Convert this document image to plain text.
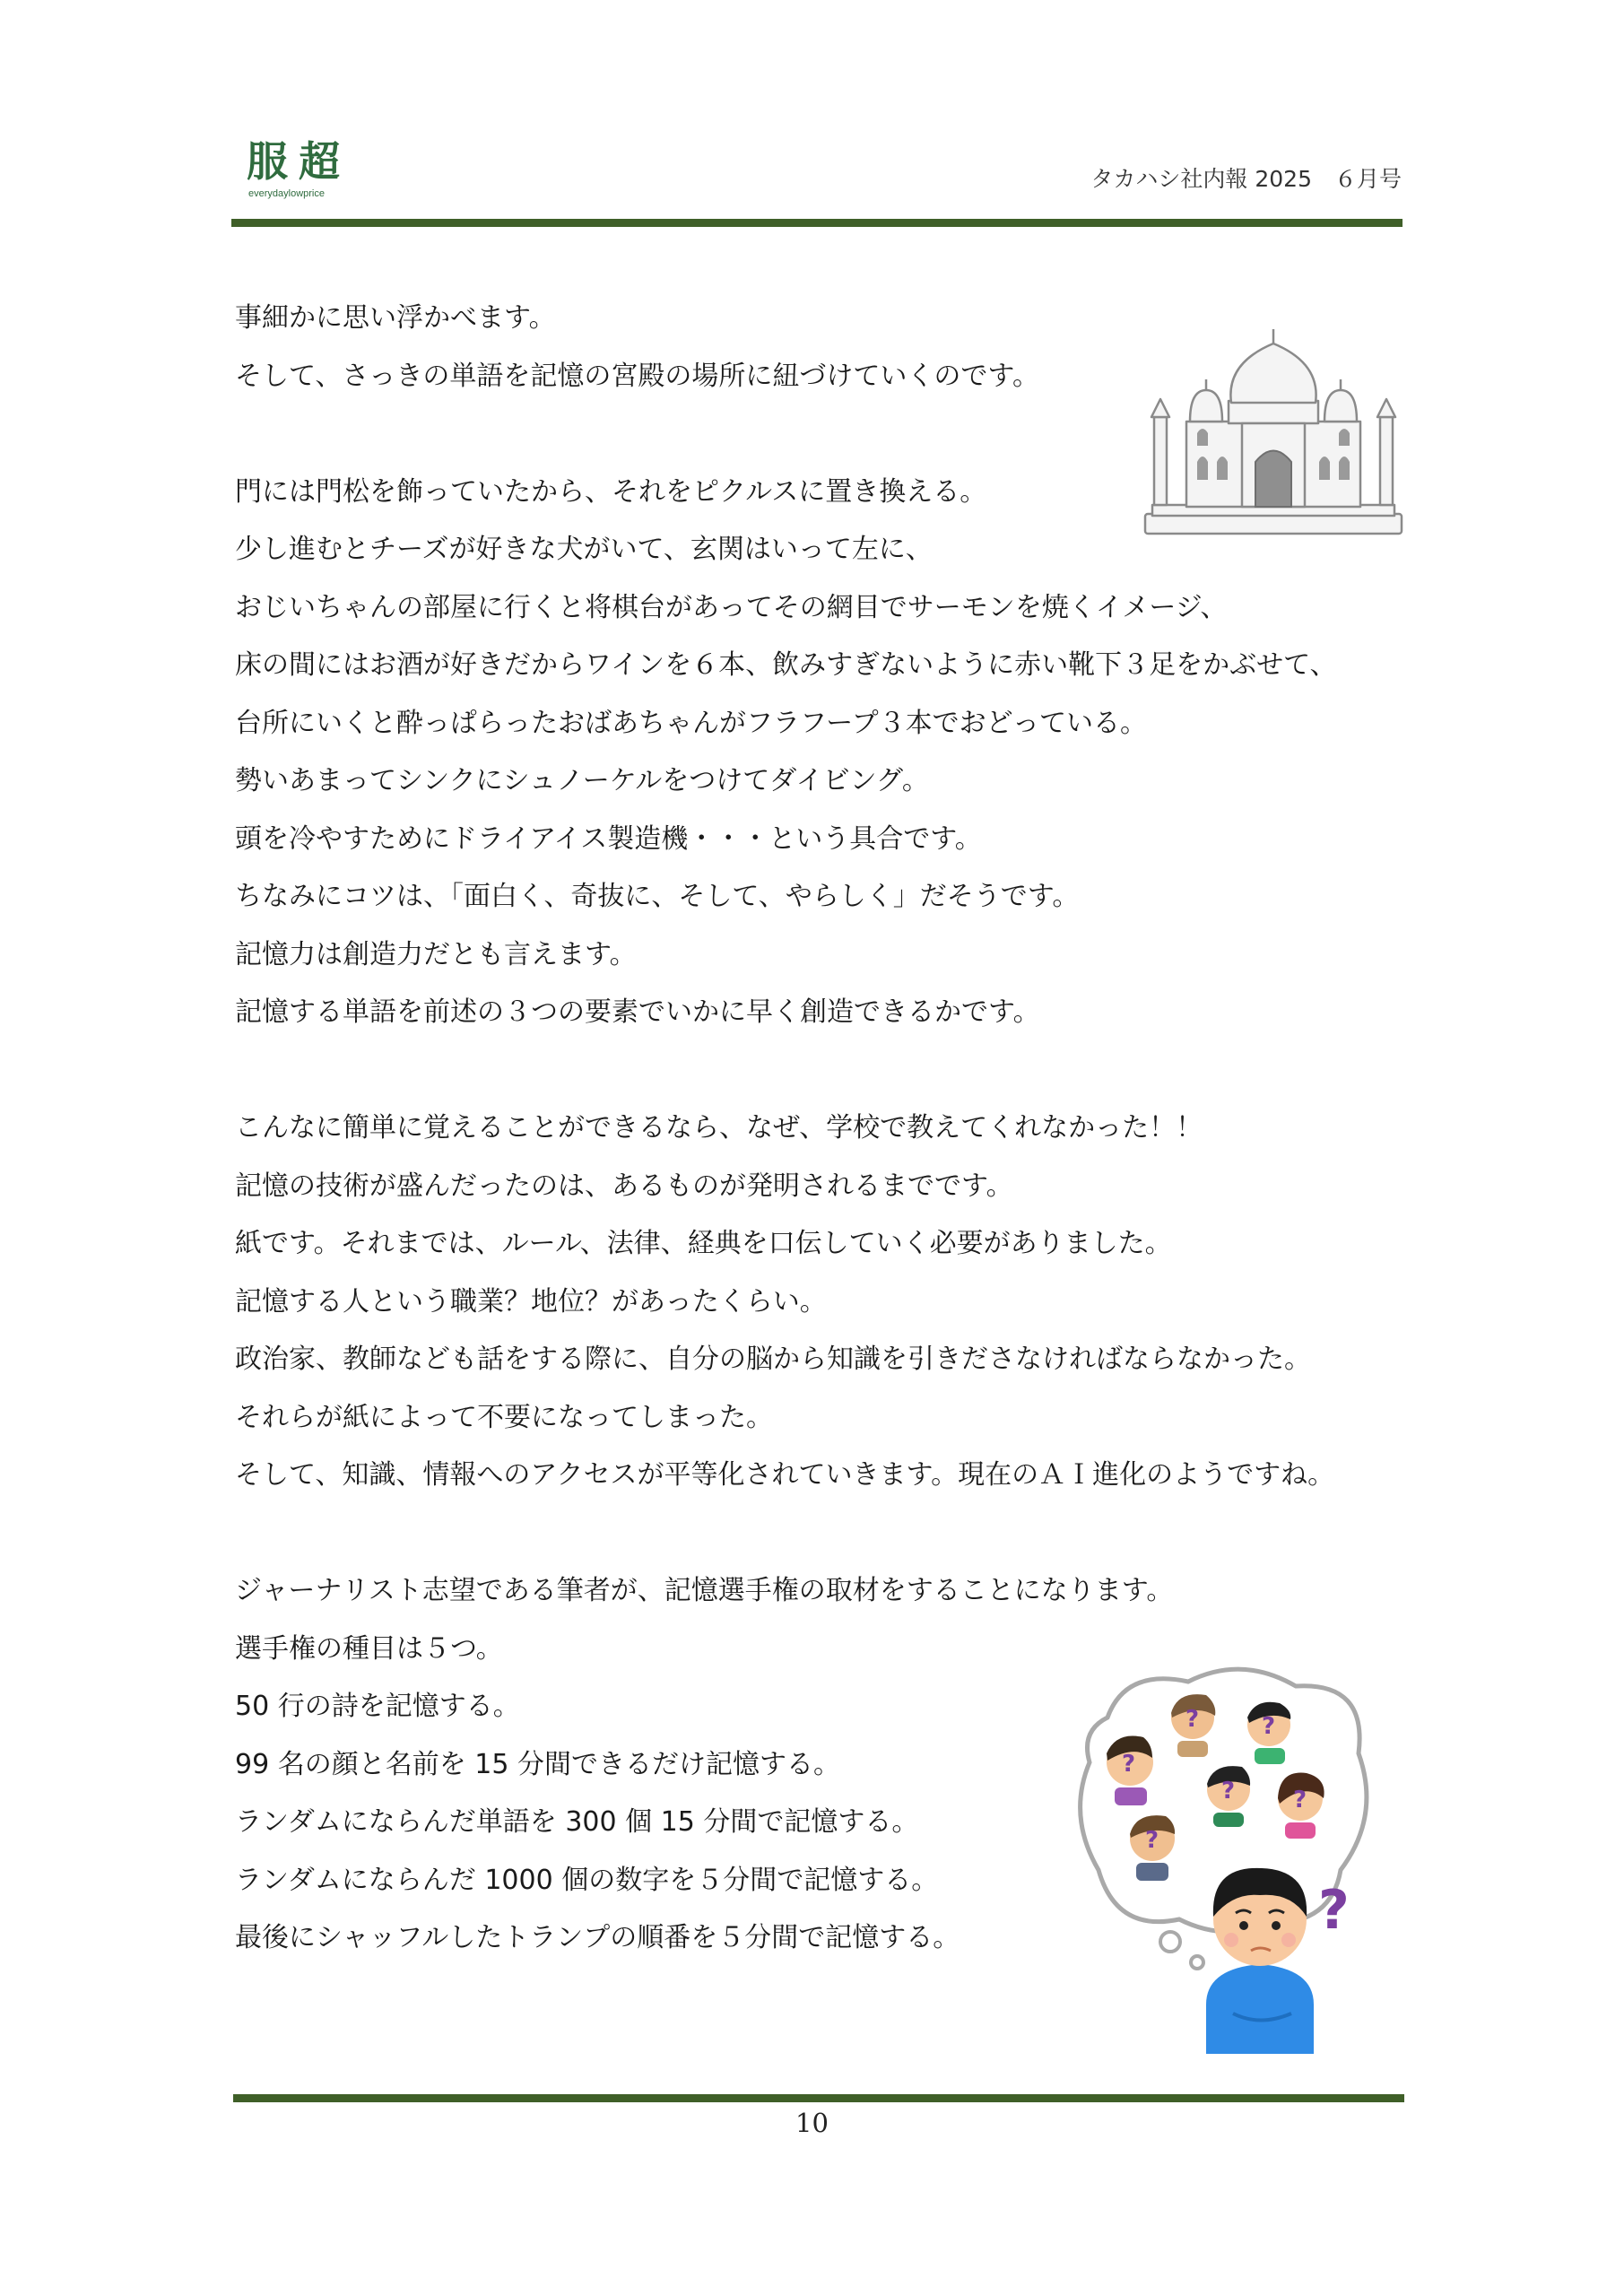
服 超
everydaylowprice
タカハシ社内報 2025　６月号
事細かに思い浮かべます。
そして、さっきの単語を記憶の宮殿の場所に紐づけていくのです。
門には門松を飾っていたから、それをピクルスに置き換える。
少し進むとチーズが好きな犬がいて、玄関はいって左に、
おじいちゃんの部屋に行くと将棋台があってその網目でサーモンを焼くイメージ、
床の間にはお酒が好きだからワインを６本、飲みすぎないように赤い靴下３足をかぶせて、
台所にいくと酔っぱらったおばあちゃんがフラフープ３本でおどっている。
勢いあまってシンクにシュノーケルをつけてダイビング。
頭を冷やすためにドライアイス製造機・・・という具合です。
ちなみにコツは、「面白く、奇抜に、そして、やらしく」だそうです。
記憶力は創造力だとも言えます。
記憶する単語を前述の３つの要素でいかに早く創造できるかです。
こんなに簡単に覚えることができるなら、なぜ、学校で教えてくれなかった！！
記憶の技術が盛んだったのは、あるものが発明されるまでです。
紙です。それまでは、ルール、法律、経典を口伝していく必要がありました。
記憶する人という職業？地位？があったくらい。
政治家、教師なども話をする際に、自分の脳から知識を引きださなければならなかった。
それらが紙によって不要になってしまった。
そして、知識、情報へのアクセスが平等化されていきます。現在のＡＩ進化のようですね。
ジャーナリスト志望である筆者が、記憶選手権の取材をすることになります。
選手権の種目は５つ。
50 行の詩を記憶する。
99 名の顔と名前を 15 分間できるだけ記憶する。
ランダムにならんだ単語を 300 個 15 分間で記憶する。
ランダムにならんだ 1000 個の数字を５分間で記憶する。
最後にシャッフルしたトランプの順番を５分間で記憶する。
?
?	?
? ?
?
?
10
